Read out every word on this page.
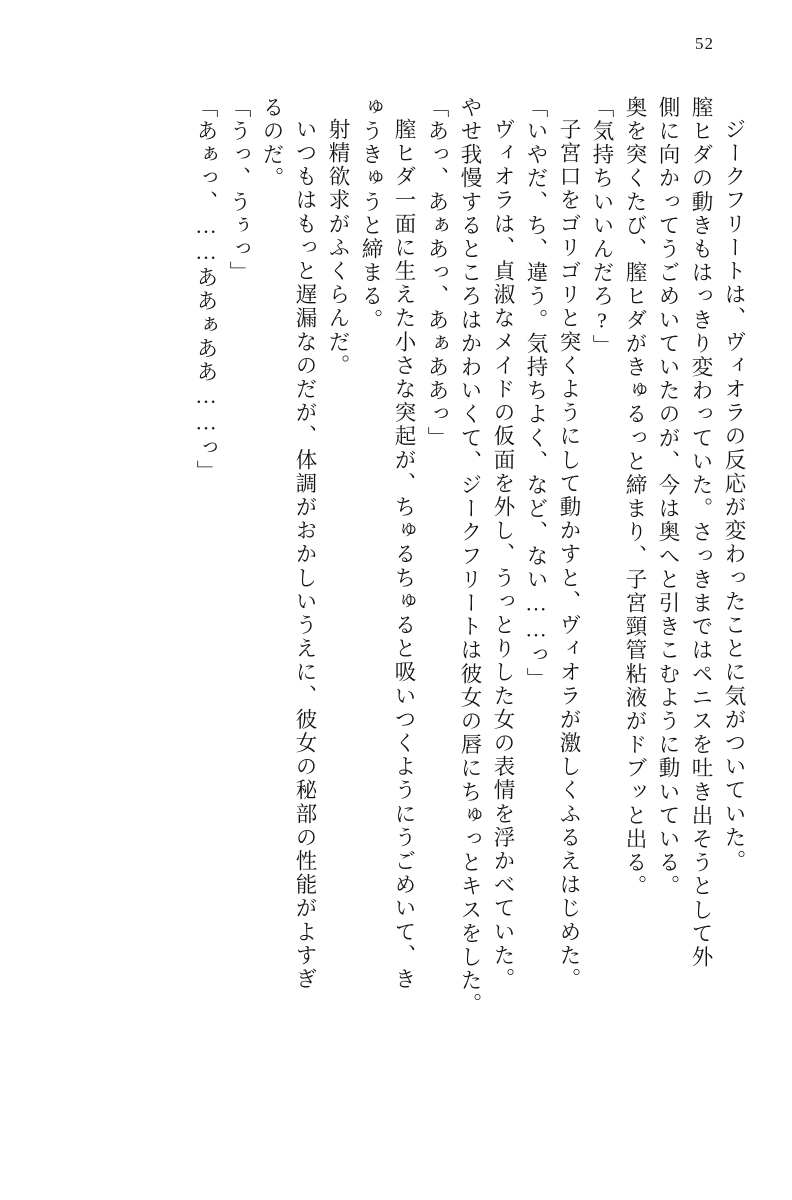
52
ジークフリートは、ヴィオラの反応が変わったことに気がついていた。
膣ヒダの動きもはっきり変わっていた。さっきまではペニスを吐き出そうとして外
側に向かってうごめいていたのが、今は奥へと引きこむように動いている。
奥を突くたび、膣ヒダがきゅるっと締まり、子宮頸管粘液がドブッと出る。
「気持ちいいんだろ?」
子宮口をゴリゴリと突くようにして動かすと、ヴィオラが激しくふるえはじめた。
「いやだ、ち、違う。気持ちよく、など、ない……っ」
ヴィオラは、貞淑なメイドの仮面を外し、うっとりした女の表情を浮かべていた。
やせ我慢するところはかわいくて、ジークフリートは彼女の唇にちゅっとキスをした。
「あっ、あぁあっ、あぁああっ」
膣ヒダ一面に生えた小さな突起が、ちゅるちゅると吸いつくようにうごめいて、き
ゅうきゅうと締まる。
射精欲求がふくらんだ。
いつもはもっと遅漏なのだが、体調がおかしいうえに、彼女の秘部の性能がよすぎ
るのだ。
「うっ、うぅっ」
「あぁっ、……ああぁああ……っ」
